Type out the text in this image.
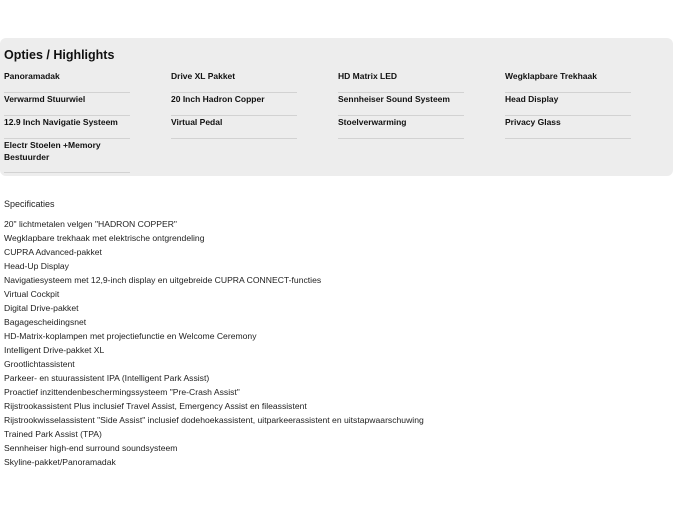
Opties / Highlights
Panoramadak	Drive XL Pakket	HD Matrix LED	Wegklapbare Trekhaak
Verwarmd Stuurwiel	20 Inch Hadron Copper	Sennheiser Sound Systeem	Head Display
12.9 Inch Navigatie Systeem	Virtual Pedal	Stoelverwarming	Privacy Glass
Electr Stoelen +Memory Bestuurder
Specificaties
20" lichtmetalen velgen "HADRON COPPER"
Wegklapbare trekhaak met elektrische ontgrendeling
CUPRA Advanced-pakket
Head-Up Display
Navigatiesysteem met 12,9-inch display en uitgebreide CUPRA CONNECT-functies
Virtual Cockpit
Digital Drive-pakket
Bagagescheidingsnet
HD-Matrix-koplampen met projectiefunctie en Welcome Ceremony
Intelligent Drive-pakket XL
Grootlichtassistent
Parkeer- en stuurassistent IPA (Intelligent Park Assist)
Proactief inzittendenbeschermingssysteem "Pre-Crash Assist"
Rijstrookassistent Plus inclusief Travel Assist, Emergency Assist en fileassistent
Rijstrookwisselassistent "Side Assist" inclusief dodehoekassistent, uitparkeerassistent en uitstapwaarschuwing
Trained Park Assist (TPA)
Sennheiser high-end surround soundsysteem
Skyline-pakket/Panoramadak
